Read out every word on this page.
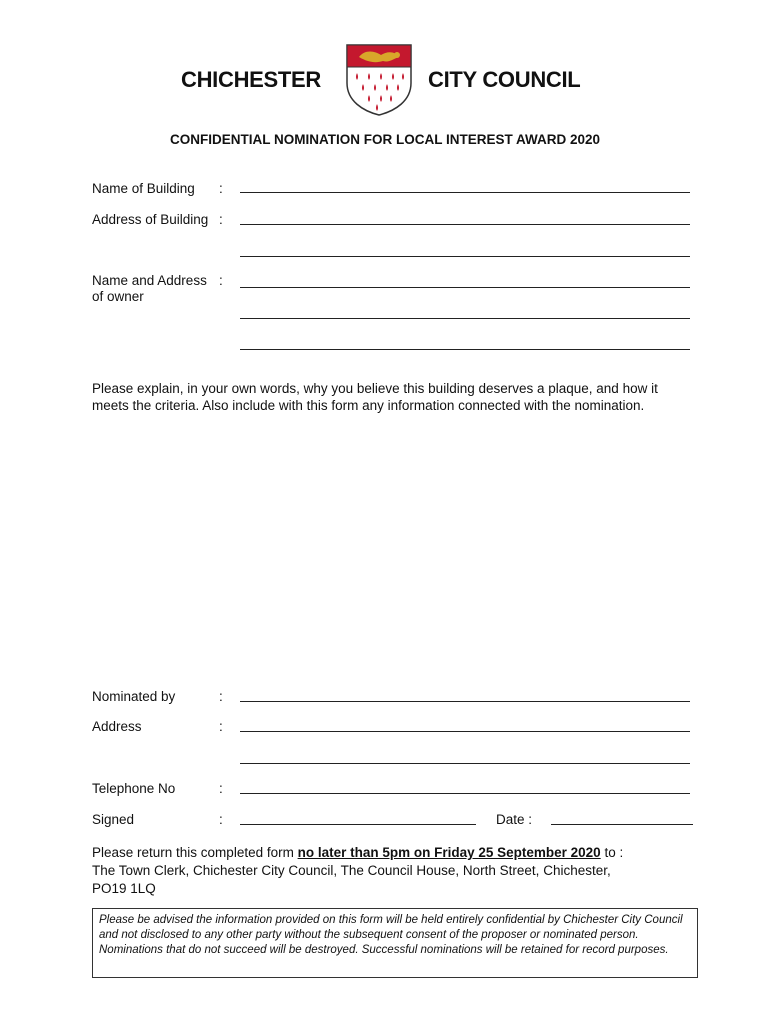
CHICHESTER	CITY COUNCIL
CONFIDENTIAL NOMINATION FOR LOCAL INTEREST AWARD 2020
Name of Building :
Address of Building :
Name and Address :
of owner
Please explain, in your own words, why you believe this building deserves a plaque, and how it
meets the criteria. Also include with this form any information connected with the nomination.
Nominated by	:
Address	:
Telephone No	:
Signed	:	Date :
Please return this completed form no later than 5pm on Friday 25 September 2020 to :
The Town Clerk, Chichester City Council, The Council House, North Street, Chichester,
PO19 1LQ
Please be advised the information provided on this form will be held entirely confidential by Chichester City Council and not disclosed to any other party without the subsequent consent of the proposer or nominated person. Nominations that do not succeed will be destroyed. Successful nominations will be retained for record purposes.
